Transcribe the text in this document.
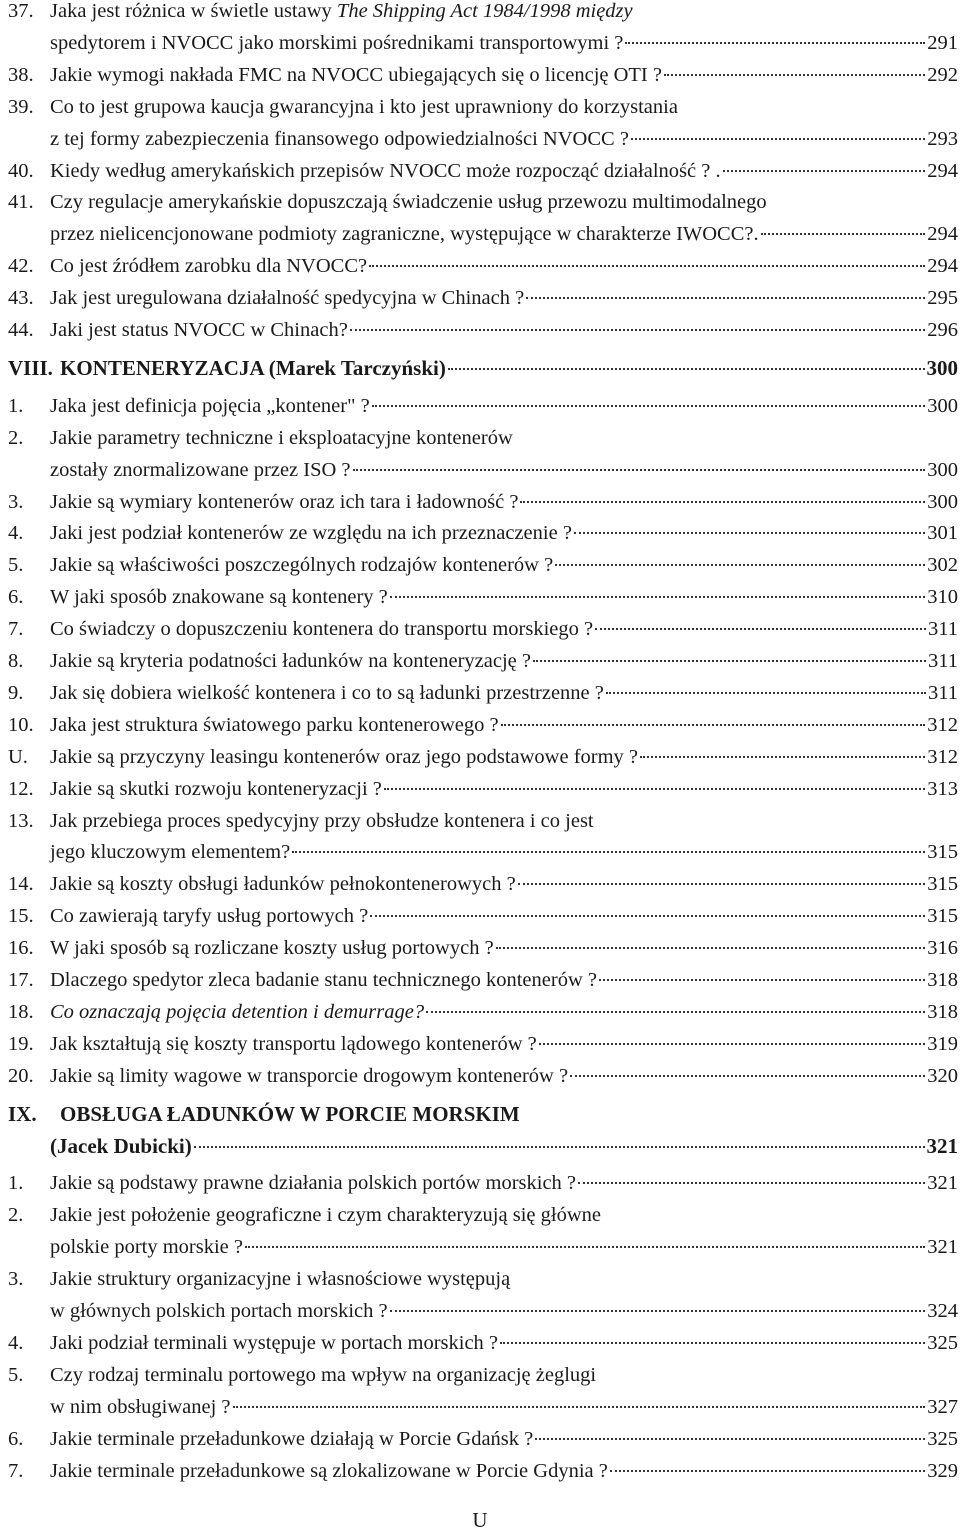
37. Jaka jest różnica w świetle ustawy The Shipping Act 1984/1998 między
spedytorem i NVOCC jako morskimi pośrednikami transportowymi ?	291
38. Jakie wymogi nakłada FMC na NVOCC ubiegających się o licencję OTI ?	292
39. Co to jest grupowa kaucja gwarancyjna i kto jest uprawniony do korzystania
z tej formy zabezpieczenia finansowego odpowiedzialności NVOCC ?	293
40. Kiedy według amerykańskich przepisów NVOCC może rozpocząć działalność ? .	294
41. Czy regulacje amerykańskie dopuszczają świadczenie usług przewozu multimodalnego
przez nielicencjonowane podmioty zagraniczne, występujące w charakterze IWOCC?.	294
42. Co jest źródłem zarobku dla NVOCC?	294
43. Jak jest uregulowana działalność spedycyjna w Chinach ?	295
44. Jaki jest status NVOCC w Chinach?	296
VIII. KONTENERYZACJA (Marek Tarczyński)	300
1. Jaka jest definicja pojęcia „kontener" ?	300
2. Jakie parametry techniczne i eksploatacyjne kontenerów
zostały znormalizowane przez ISO ?	300
3. Jakie są wymiary kontenerów oraz ich tara i ładowność ?	300
4. Jaki jest podział kontenerów ze względu na ich przeznaczenie ?	301
5. Jakie są właściwości poszczególnych rodzajów kontenerów ?	302
6. W jaki sposób znakowane są kontenery ?	310
7. Co świadczy o dopuszczeniu kontenera do transportu morskiego ?	311
8. Jakie są kryteria podatności ładunków na konteneryzację ?	311
9. Jak się dobiera wielkość kontenera i co to są ładunki przestrzenne ?	311
10. Jaka jest struktura światowego parku kontenerowego ?	312
U. Jakie są przyczyny leasingu kontenerów oraz jego podstawowe formy ?	312
12. Jakie są skutki rozwoju konteneryzacji ?	313
13. Jak przebiega proces spedycyjny przy obsłudze kontenera i co jest
jego kluczowym elementem?	315
14. Jakie są koszty obsługi ładunków pełnokontenerowych ?	315
15. Co zawierają taryfy usług portowych ?	315
16. W jaki sposób są rozliczane koszty usług portowych ?	316
17. Dlaczego spedytor zleca badanie stanu technicznego kontenerów ?	318
18. Co oznaczają pojęcia detention i demurrage?	318
19. Jak kształtują się koszty transportu lądowego kontenerów ?	319
20. Jakie są limity wagowe w transporcie drogowym kontenerów ?	320
IX. OBSŁUGA ŁADUNKÓW W PORCIE MORSKIM
(Jacek Dubicki)	321
1. Jakie są podstawy prawne działania polskich portów morskich ?	321
2. Jakie jest położenie geograficzne i czym charakteryzują się główne
polskie porty morskie ?	321
3. Jakie struktury organizacyjne i własnościowe występują
w głównych polskich portach morskich ?	324
4. Jaki podział terminali występuje w portach morskich ?	325
5. Czy rodzaj terminalu portowego ma wpływ na organizację żeglugi
w nim obsługiwanej ?	327
6. Jakie terminale przeładunkowe działają w Porcie Gdańsk ?	325
7. Jakie terminale przeładunkowe są zlokalizowane w Porcie Gdynia ?	329
U
